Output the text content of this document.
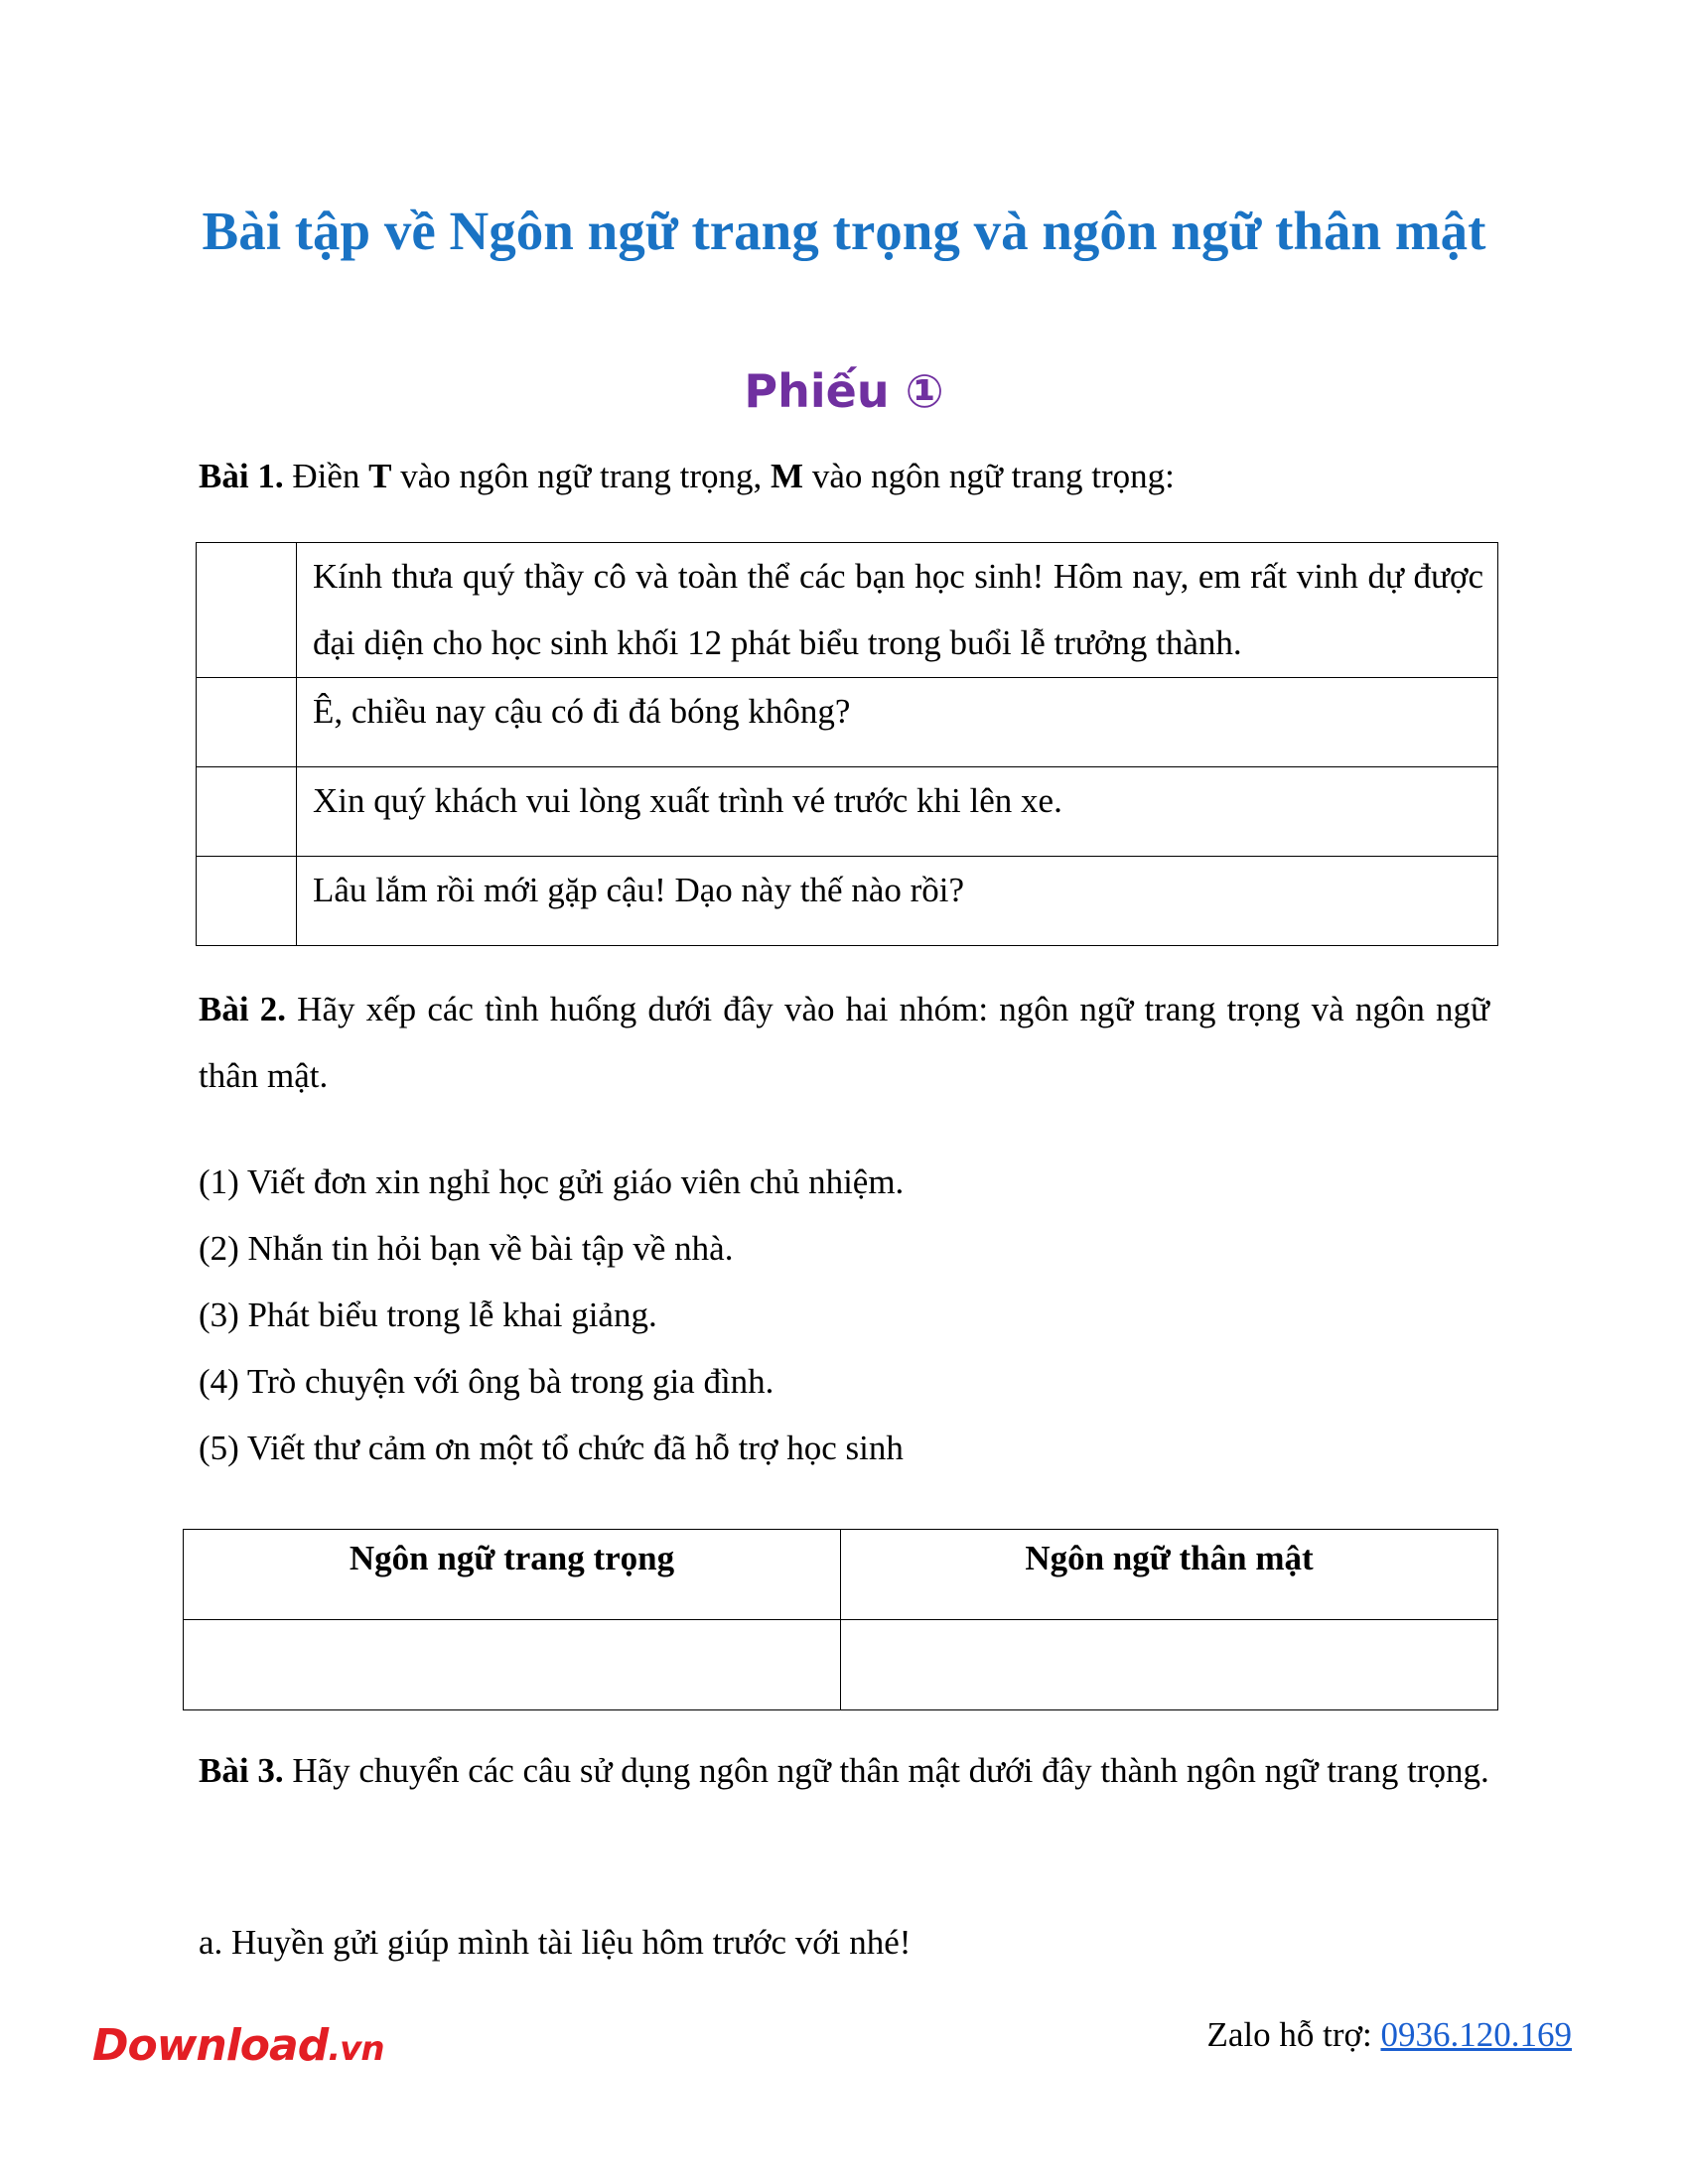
Bài tập về Ngôn ngữ trang trọng và ngôn ngữ thân mật
Phiếu ①
Bài 1. Điền T vào ngôn ngữ trang trọng, M vào ngôn ngữ trang trọng:
	Kính thưa quý thầy cô và toàn thể các bạn học sinh! Hôm nay, em rất vinh dự được đại diện cho học sinh khối 12 phát biểu trong buổi lễ trưởng thành.
	Ê, chiều nay cậu có đi đá bóng không?
	Xin quý khách vui lòng xuất trình vé trước khi lên xe.
	Lâu lắm rồi mới gặp cậu! Dạo này thế nào rồi?
Bài 2. Hãy xếp các tình huống dưới đây vào hai nhóm: ngôn ngữ trang trọng và ngôn ngữ thân mật.
(1) Viết đơn xin nghỉ học gửi giáo viên chủ nhiệm.
(2) Nhắn tin hỏi bạn về bài tập về nhà.
(3) Phát biểu trong lễ khai giảng.
(4) Trò chuyện với ông bà trong gia đình.
(5) Viết thư cảm ơn một tổ chức đã hỗ trợ học sinh
Ngôn ngữ trang trọng	Ngôn ngữ thân mật

Bài 3. Hãy chuyển các câu sử dụng ngôn ngữ thân mật dưới đây thành ngôn ngữ trang trọng.
a. Huyền gửi giúp mình tài liệu hôm trước với nhé!
Download.vn	Zalo hỗ trợ: 0936.120.169
